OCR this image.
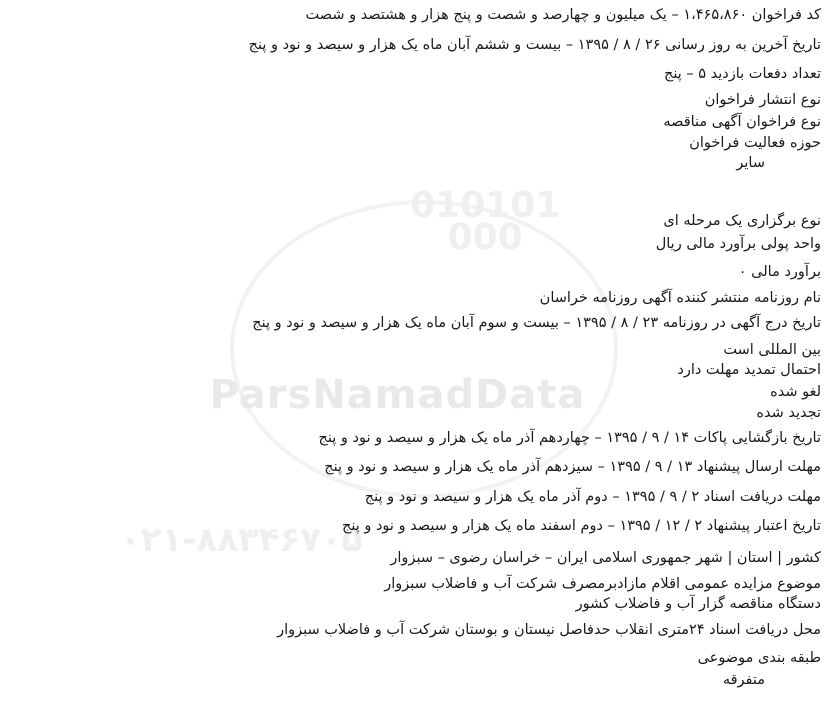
010101
000
ParsNamadData
۰۲۱-۸۸۳۴۶۷۰۵
کد فراخوان ۱،۴۶۵،۸۶۰ – یک میلیون و چهارصد و شصت و پنج هزار و هشتصد و شصت
تاریخ آخرین به روز رسانی ۲۶ / ۸ / ۱۳۹۵ – بیست و ششم آبان ماه یک هزار و سیصد و نود و پنج
تعداد دفعات بازدید ۵ – پنج
نوع انتشار فراخوان
نوع فراخوان آگهی مناقصه
حوزه فعالیت فراخوان
سایر
نوع برگزاری یک مرحله ای
واحد پولی برآورد مالی ریال
برآورد مالی ۰
نام روزنامه منتشر کننده آگهی روزنامه خراسان
تاریخ درج آگهی در روزنامه ۲۳ / ۸ / ۱۳۹۵ – بیست و سوم آبان ماه یک هزار و سیصد و نود و پنج
بین المللی است
احتمال تمدید مهلت دارد
لغو شده
تجدید شده
تاریخ بازگشایی پاکات ۱۴ / ۹ / ۱۳۹۵ – چهاردهم آذر ماه یک هزار و سیصد و نود و پنج
مهلت ارسال پیشنهاد ۱۳ / ۹ / ۱۳۹۵ – سیزدهم آذر ماه یک هزار و سیصد و نود و پنج
مهلت دریافت اسناد ۲ / ۹ / ۱۳۹۵ – دوم آذر ماه یک هزار و سیصد و نود و پنج
تاریخ اعتبار پیشنهاد ۲ / ۱۲ / ۱۳۹۵ – دوم اسفند ماه یک هزار و سیصد و نود و پنج
کشور | استان | شهر جمهوری اسلامی ایران – خراسان رضوی – سبزوار
موضوع مزایده عمومی اقلام مازادبرمصرف شرکت آب و فاضلاب سبزوار
دستگاه مناقصه گزار آب و فاضلاب کشور
محل دریافت اسناد ۲۴متری انقلاب حدفاصل نیستان و بوستان شرکت آب و فاضلاب سبزوار
طبقه بندی موضوعی
متفرقه
